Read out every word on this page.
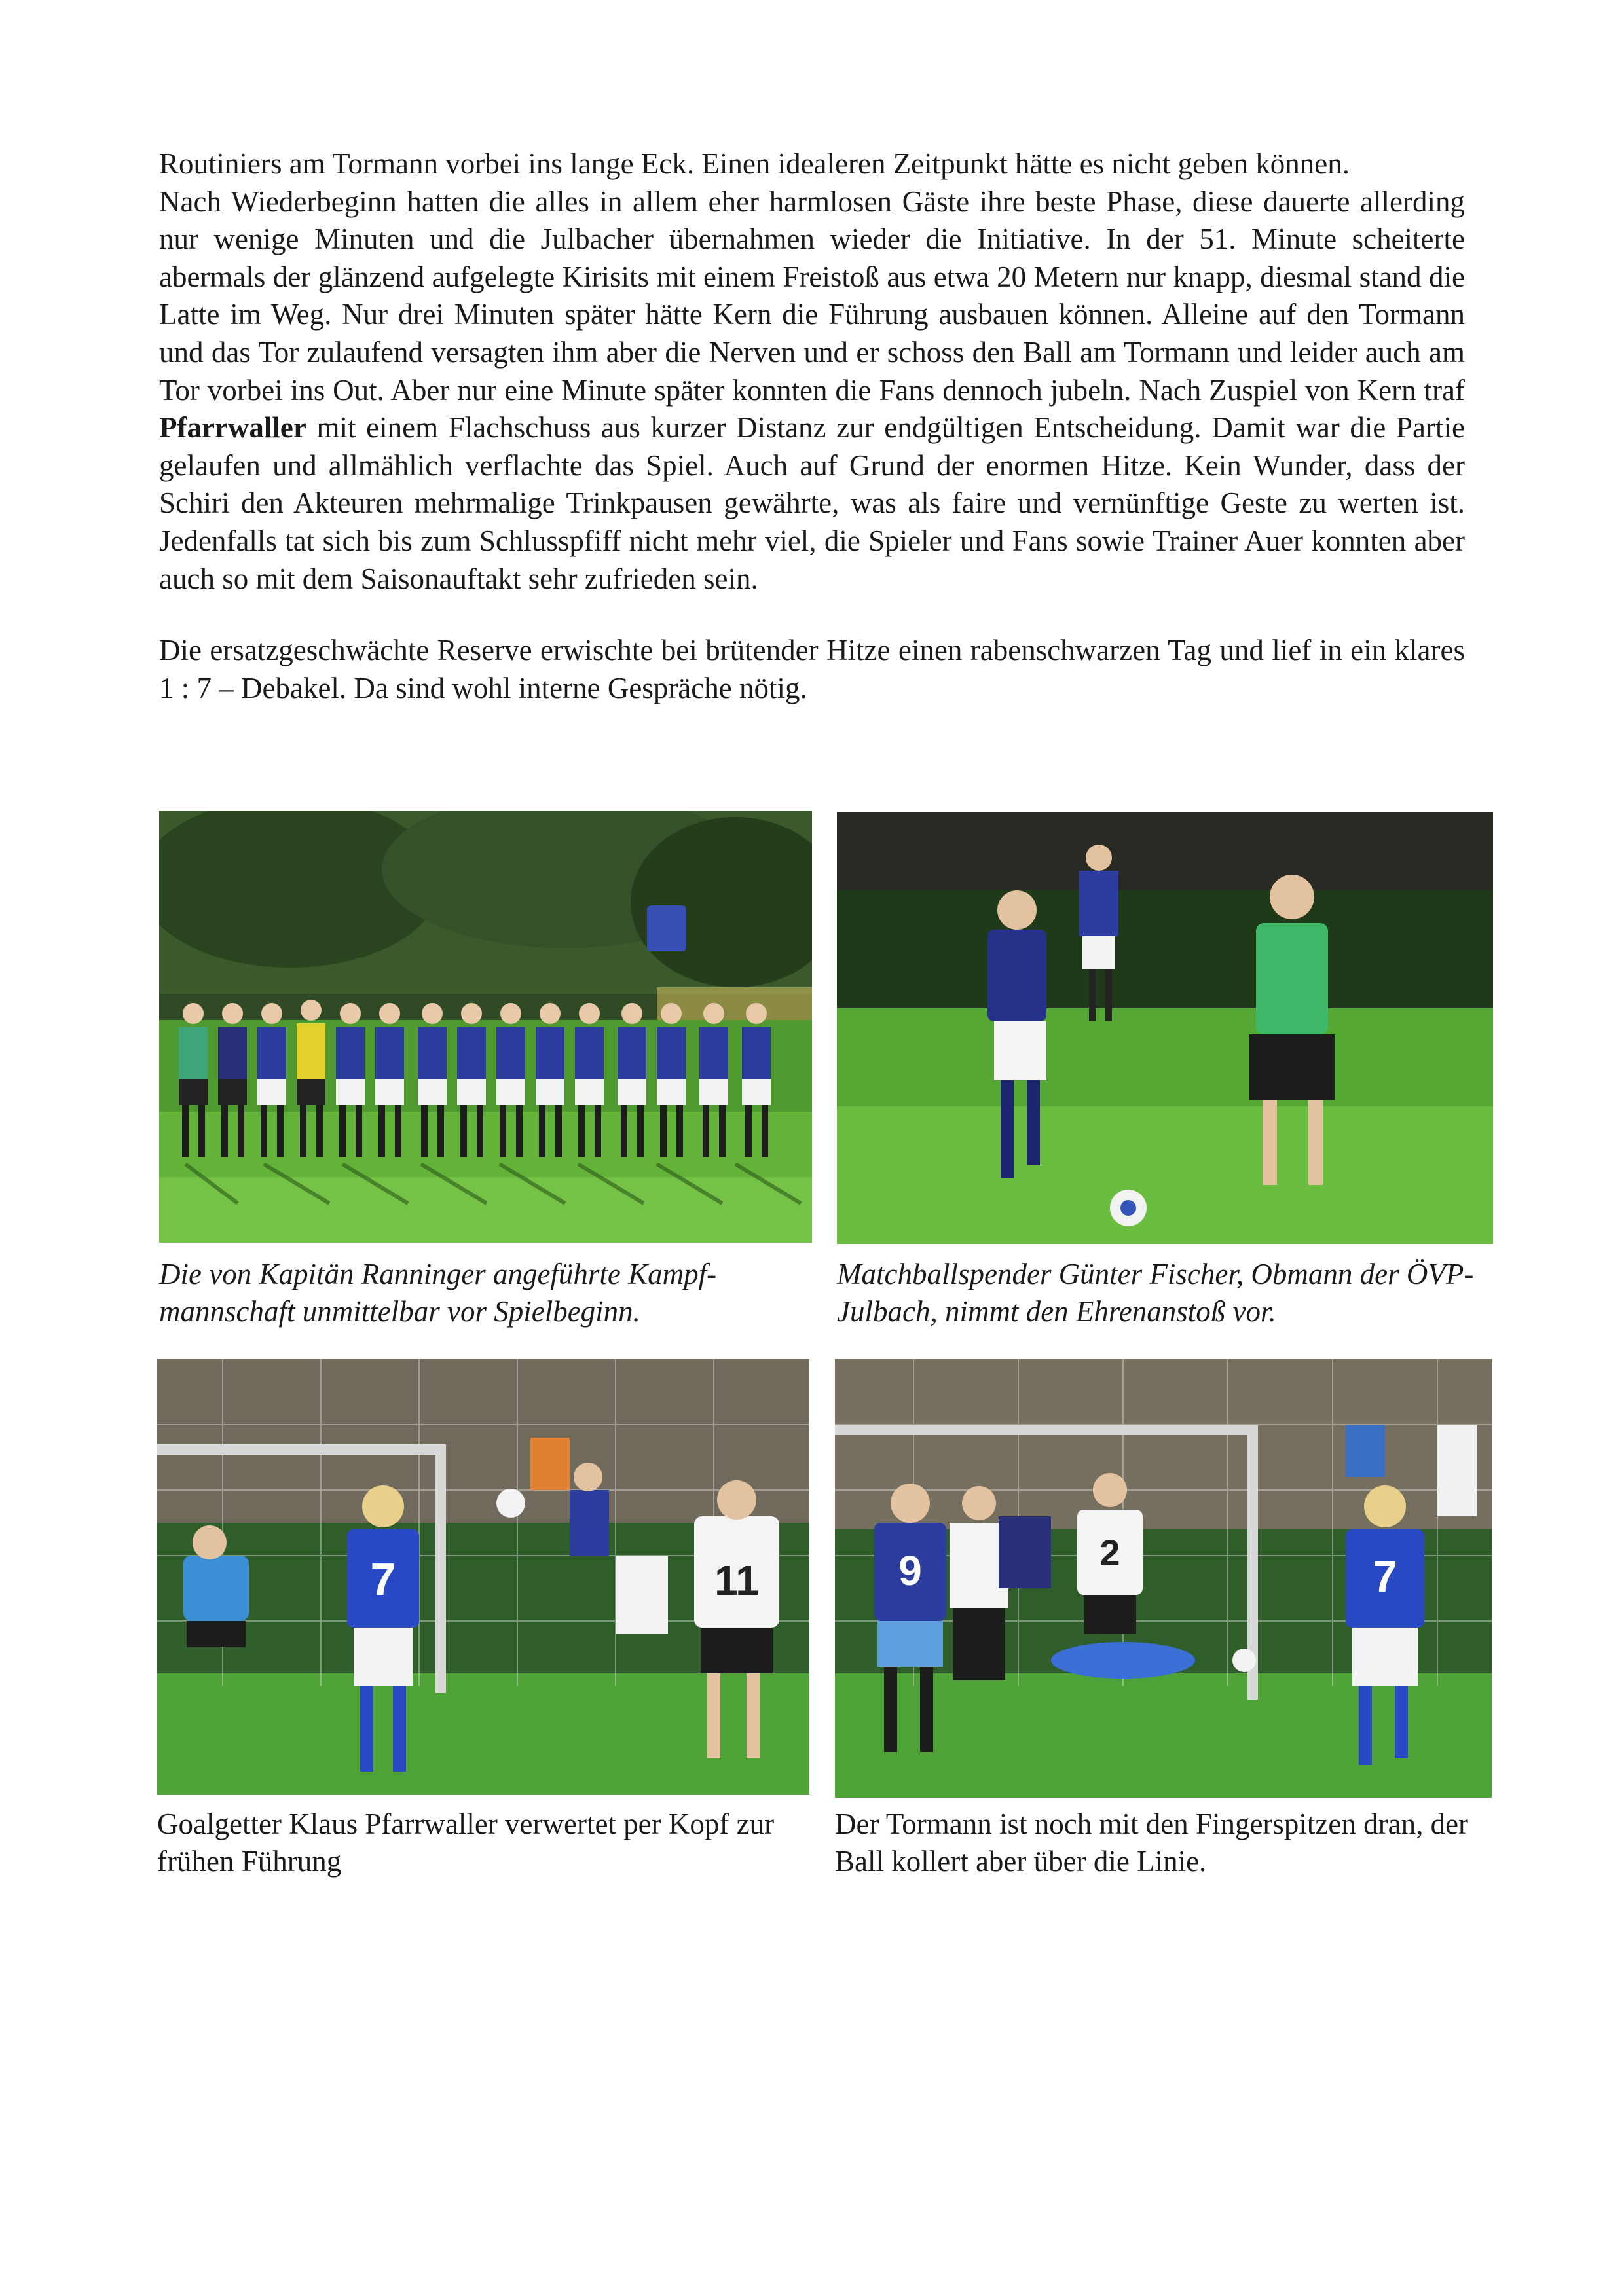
Routiniers am Tormann vorbei ins lange Eck. Einen idealeren Zeitpunkt hätte es nicht geben können.

Nach Wiederbeginn hatten die alles in allem eher harmlosen Gäste ihre beste Phase, diese dauerte allerding nur wenige Minuten und die Julbacher übernahmen wieder die Initiative. In der 51. Minute scheiterte abermals der glänzend aufgelegte Kirisits mit einem Freistoß aus etwa 20 Metern nur knapp, diesmal stand die Latte im Weg. Nur drei Minuten später hätte Kern die Führung ausbauen können. Alleine auf den Tormann und das Tor zulaufend versagten ihm aber die Nerven und er schoss den Ball am Tormann und leider auch am Tor vorbei ins Out. Aber nur eine Minute später konnten die Fans dennoch jubeln. Nach Zuspiel von Kern traf Pfarrwaller mit einem Flachschuss aus kurzer Distanz zur endgültigen Entscheidung. Damit war die Partie gelaufen und allmählich verflachte das Spiel. Auch auf Grund der enormen Hitze. Kein Wunder, dass der Schiri den Akteuren mehrmalige Trinkpausen gewährte, was als faire und vernünftige Geste zu werten ist. Jedenfalls tat sich bis zum Schlusspfiff nicht mehr viel, die Spieler und Fans sowie Trainer Auer konnten aber auch so mit dem Saisonauftakt sehr zufrieden sein.

Die ersatzgeschwächte Reserve erwischte bei brütender Hitze einen rabenschwarzen Tag und lief in ein klares 1 : 7 – Debakel. Da sind wohl interne Gespräche nötig.

Die von Kapitän Ranninger angeführte Kampf-mannschaft unmittelbar vor Spielbeginn.
Matchballspender Günter Fischer, Obmann der ÖVP-Julbach, nimmt den Ehrenanstoß vor.
7	11
Goalgetter Klaus Pfarrwaller verwertet per Kopf zur frühen Führung
9	2	7
Der Tormann ist noch mit den Fingerspitzen dran, der Ball kollert aber über die Linie.
